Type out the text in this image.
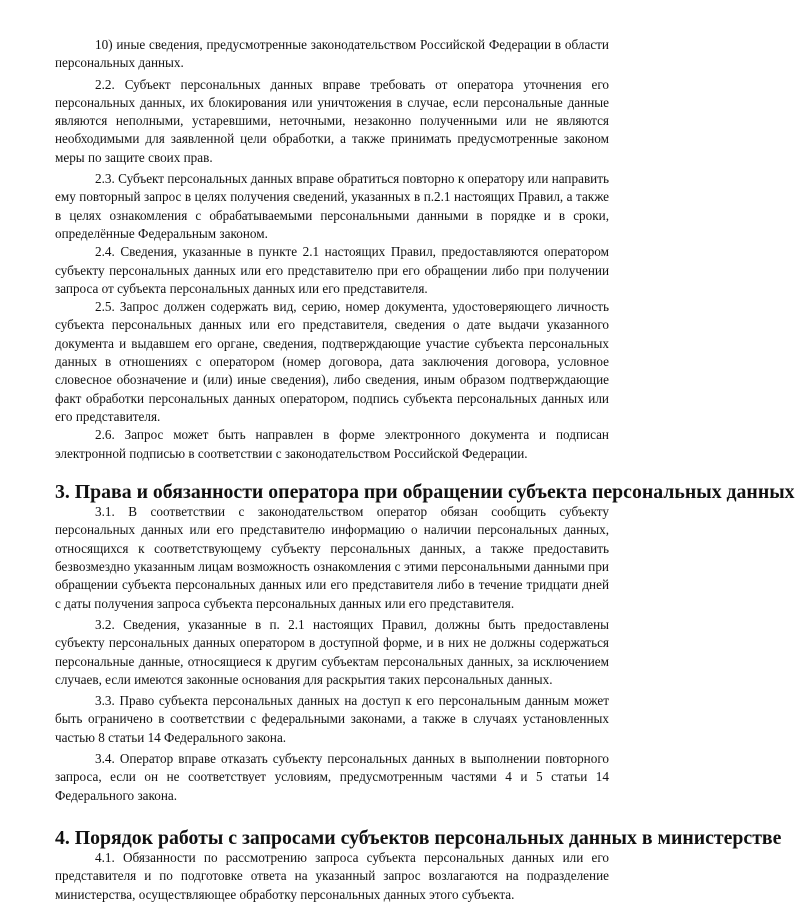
10) иные сведения, предусмотренные законодательством Российской Федерации в области персональных данных.

2.2. Субъект персональных данных вправе требовать от оператора уточнения его персональных данных, их блокирования или уничтожения в случае, если персональные данные являются неполными, устаревшими, неточными, незаконно полученными или не являются необходимыми для заявленной цели обработки, а также принимать предусмотренные законом меры по защите своих прав.

2.3. Субъект персональных данных вправе обратиться повторно к оператору или направить ему повторный запрос в целях получения сведений, указанных в п.2.1 настоящих Правил, а также в целях ознакомления с обрабатываемыми персональными данными в порядке и в сроки, определённые Федеральным законом.

2.4. Сведения, указанные в пункте 2.1 настоящих Правил, предоставляются оператором субъекту персональных данных или его представителю при его обращении либо при получении запроса от субъекта персональных данных или его представителя.

2.5. Запрос должен содержать вид, серию, номер документа, удостоверяющего личность субъекта персональных данных или его представителя, сведения о дате выдачи указанного документа и выдавшем его органе, сведения, подтверждающие участие субъекта персональных данных в отношениях с оператором (номер договора, дата заключения договора, условное словесное обозначение и (или) иные сведения), либо сведения, иным образом подтверждающие факт обработки персональных данных оператором, подпись субъекта персональных данных или его представителя.

2.6. Запрос может быть направлен в форме электронного документа и подписан электронной подписью в соответствии с законодательством Российской Федерации.

3. Права и обязанности оператора при обращении субъекта персональных данных

3.1. В соответствии с законодательством оператор обязан сообщить субъекту персональных данных или его представителю информацию о наличии персональных данных, относящихся к соответствующему субъекту персональных данных, а также предоставить безвозмездно указанным лицам возможность ознакомления с этими персональными данными при обращении субъекта персональных данных или его представителя либо в течение тридцати дней с даты получения запроса субъекта персональных данных или его представителя.

3.2. Сведения, указанные в п. 2.1 настоящих Правил, должны быть предоставлены субъекту персональных данных оператором в доступной форме, и в них не должны содержаться персональные данные, относящиеся к другим субъектам персональных данных, за исключением случаев, если имеются законные основания для раскрытия таких персональных данных.

3.3. Право субъекта персональных данных на доступ к его персональным данным может быть ограничено в соответствии с федеральными законами, а также в случаях установленных частью 8 статьи 14 Федерального закона.

3.4. Оператор вправе отказать субъекту персональных данных в выполнении повторного запроса, если он не соответствует условиям, предусмотренным частями 4 и 5 статьи 14 Федерального закона.

4. Порядок работы с запросами субъектов персональных данных в министерстве

4.1. Обязанности по рассмотрению запроса субъекта персональных данных или его представителя и по подготовке ответа на указанный запрос возлагаются на подразделение министерства, осуществляющее обработку персональных данных этого субъекта.
